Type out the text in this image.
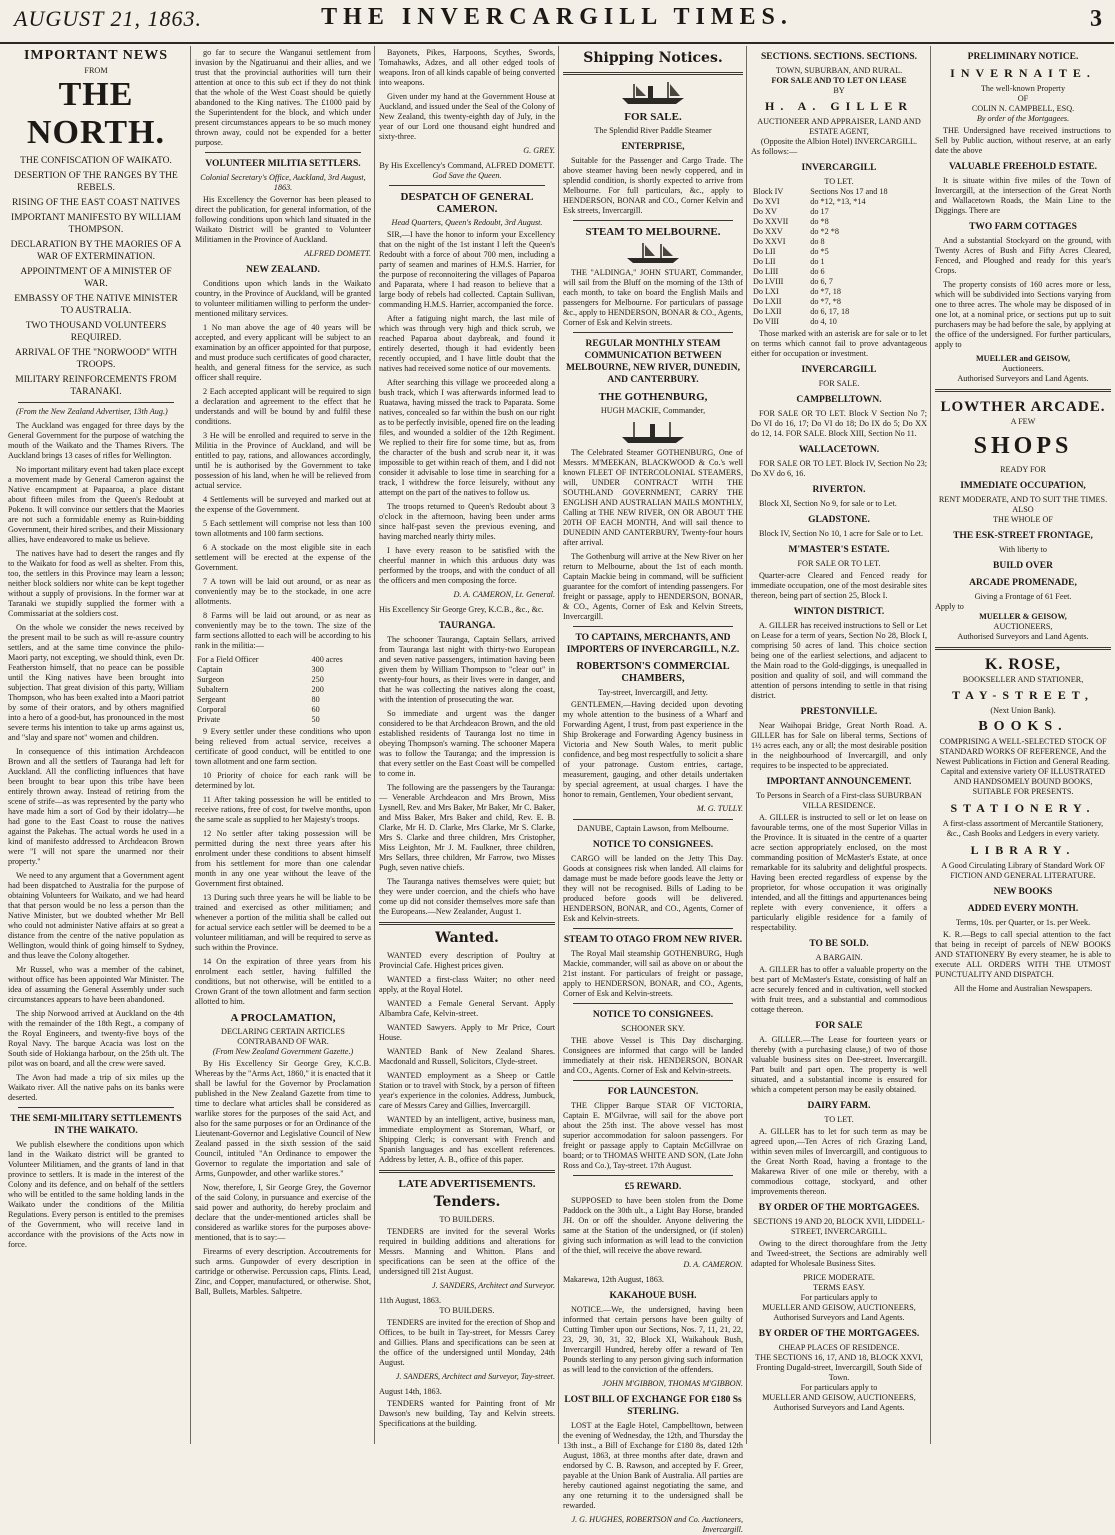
AUGUST 21, 1863.	THE INVERCARGILL TIMES.	3
IMPORTANT NEWS
FROM
THE NORTH.
THE CONFISCATION OF WAIKATO.
DESERTION OF THE RANGES BY THE REBELS.
RISING OF THE EAST COAST NATIVES
IMPORTANT MANIFESTO BY WILLIAM THOMPSON.
DECLARATION BY THE MAORIES OF A WAR OF EXTERMINATION.
APPOINTMENT OF A MINISTER OF WAR.
EMBASSY OF THE NATIVE MINISTER TO AUSTRALIA.
TWO THOUSAND VOLUNTEERS REQUIRED.
ARRIVAL OF THE "NORWOOD" WITH TROOPS.
MILITARY REINFORCEMENTS FROM TARANAKI.

(From the New Zealand Advertiser, 13th Aug.)

The Auckland was engaged for three days by the General Government for the purpose of watching the mouth of the Waikato and the Thames Rivers. The Auckland brings 13 cases of rifles for Wellington.

No important military event had taken place except a movement made by General Cameron against the Native encampment at Papaaroa, a place distant about fifteen miles from the Queen's Redoubt at Pokeno. It will convince our settlers that the Maories are not such a formidable enemy as Ruin-bidding Government, their hired scribes, and their Missionary allies, have endeavored to make us believe.

The natives have had to desert the ranges and fly to the Waikato for food as well as shelter. From this, too, the settlers in this Province may learn a lesson; neither block soldiers nor white can be kept together without a supply of provisions. In the former war at Taranaki we stupidly supplied the former with a Commissariat at the soldiers cost.

On the whole we consider the news received by the present mail to be such as will re-assure country settlers, and at the same time convince the philo-Maori party, not excepting, we should think, even Dr. Featherston himself, that no peace can be possible until the King natives have been brought into subjection. That great division of this party, William Thompson, who has been exalted into a Maori patriot by some of their orators, and by others magnified into a hero of a good-but, has pronounced in the most severe terms his intention to take up arms against us, and "slay and spare not" women and children.

In consequence of this intimation Archdeacon Brown and all the settlers of Tauranga had left for Auckland. All the conflicting influences that have been brought to bear upon this tribe have been entirely thrown away. Instead of retiring from the scene of strife—as was represented by the party who have made him a sort of God by their idolatry—he had gone to the East Coast to rouse the natives against the Pakehas. The actual words he used in a kind of manifesto addressed to Archdeacon Brown were "I will not spare the unarmed nor their property."

We need to any argument that a Government agent had been dispatched to Australia for the purpose of obtaining Volunteers for Waikato, and we had heard that that person would be no less a person than the Native Minister, but we doubted whether Mr Bell who could not administer Native affairs at so great a distance from the centre of the native population as Wellington, would think of going himself to Sydney, and thus leave the Colony altogether.

Mr Russel, who was a member of the cabinet, without office has been appointed War Minister. The idea of assuming the General Assembly under such circumstances appears to have been abandoned.

The ship Norwood arrived at Auckland on the 4th with the remainder of the 18th Regt., a company of the Royal Engineers, and twenty-five boys of the Royal Navy. The barque Acacia was lost on the South side of Hokianga harbour, on the 25th ult. The pilot was on board, and all the crew were saved.

The Avon had made a trip of six miles up the Waikato river. All the native pahs on its banks were deserted.

THE SEMI-MILITARY SETTLEMENTS IN THE WAIKATO.

We publish elsewhere the conditions upon which land in the Waikato district will be granted to Volunteer Militiamen, and the grants of land in that province to settlers. It is made in the interest of the Colony and its defence, and on behalf of the settlers who will be entitled to the same holding lands in the Waikato under the conditions of the Militia Regulations. Every person is entitled to the premises of the Government, who will receive land in accordance with the provisions of the Acts now in force.

go far to secure the Wanganui settlement from invasion by the Ngatiruanui and their allies, and we trust that the provincial authorities will turn their attention at once to this sub ect if they do not think that the whole of the West Coast should be quietly abandoned to the King natives. The £1000 paid by the Superintendent for the block, and which under present circumstances appears to be so much money thrown away, could not be expended for a better purpose.

VOLUNTEER MILITIA SETTLERS.
Colonial Secretary's Office, Auckland, 3rd August, 1863.

His Excellency the Governor has been pleased to direct the publication, for general information, of the following conditions upon which land situated in the Waikato District will be granted to Volunteer Militiamen in the Province of Auckland.

ALFRED DOMETT.
NEW ZEALAND.

Conditions upon which lands in the Waikato country, in the Province of Auckland, will be granted to volunteer militiamen willing to perform the under-mentioned military services.

1 No man above the age of 40 years will be accepted, and every applicant will be subject to an examination by an officer appointed for that purpose, and must produce such certificates of good character, health, and general fitness for the service, as such officer shall require.

2 Each accepted applicant will be required to sign a declaration and agreement to the effect that he understands and will be bound by and fulfil these conditions.

3 He will be enrolled and required to serve in the Militia in the Province of Auckland, and will be entitled to pay, rations, and allowances accordingly, until he is authorised by the Government to take possession of his land, when he will be relieved from actual service.

4 Settlements will be surveyed and marked out at the expense of the Government.

5 Each settlement will comprise not less than 100 town allotments and 100 farm sections.

6 A stockade on the most eligible site in each settlement will be erected at the expense of the Government.

7 A town will be laid out around, or as near as conveniently may be to the stockade, in one acre allotments.

8 Farms will be laid out around, or as near as conveniently may be to the town. The size of the farm sections allotted to each will be according to his rank in the militia:—

For a Field Officer	400 acres
Captain	300
Surgeon	250
Subaltern	200
Sergeant	80
Corporal	60
Private	50

9 Every settler under these conditions who upon being relieved from actual service, receives a certificate of good conduct, will be entitled to one town allotment and one farm section.

10 Priority of choice for each rank will be determined by lot.

11 After taking possession he will be entitled to receive rations, free of cost, for twelve months, upon the same scale as supplied to her Majesty's troops.

12 No settler after taking possession will be permitted during the next three years after his enrolment under these conditions to absent himself from his settlement for more than one calendar month in any one year without the leave of the Government first obtained.

13 During such three years he will be liable to be trained and exercised as other militiamen; and whenever a portion of the militia shall be called out for actual service each settler will be deemed to be a volunteer militiaman, and will be required to serve as such within the Province.

14 On the expiration of three years from his enrolment each settler, having fulfilled the conditions, but not otherwise, will be entitled to a Crown Grant of the town allotment and farm section allotted to him.

A PROCLAMATION,
DECLARING CERTAIN ARTICLES CONTRABAND OF WAR.
(From New Zealand Government Gazette.)

By His Excellency Sir George Grey, K.C.B. Whereas by the "Arms Act, 1860," it is enacted that it shall be lawful for the Governor by Proclamation published in the New Zealand Gazette from time to time to declare what articles shall be considered as warlike stores for the purposes of the said Act, and also for the same purposes or for an Ordinance of the Lieutenant-Governor and Legislative Council of New Zealand passed in the sixth session of the said Council, intituled "An Ordinance to empower the Governor to regulate the importation and sale of Arms, Gunpowder, and other warlike stores."

Now, therefore, I, Sir George Grey, the Governor of the said Colony, in pursuance and exercise of the said power and authority, do hereby proclaim and declare that the under-mentioned articles shall be considered as warlike stores for the purposes above-mentioned, that is to say:—

Firearms of every description. Accoutrements for such arms. Gunpowder of every description in cartridge or otherwise. Percussion caps, Flints. Lead, Zinc, and Copper, manufactured, or otherwise. Shot, Ball, Bullets, Marbles. Saltpetre.

Bayonets, Pikes, Harpoons, Scythes, Swords, Tomahawks, Adzes, and all other edged tools of weapons. Iron of all kinds capable of being converted into weapons.

Given under my hand at the Government House at Auckland, and issued under the Seal of the Colony of New Zealand, this twenty-eighth day of July, in the year of our Lord one thousand eight hundred and sixty-three.

G. GREY.
By His Excellency's Command, ALFRED DOMETT.
God Save the Queen.
DESPATCH OF GENERAL CAMERON.
Head Quarters, Queen's Redoubt, 3rd August.

SIR,—I have the honor to inform your Excellency that on the night of the 1st instant I left the Queen's Redoubt with a force of about 700 men, including a party of seamen and marines of H.M.S. Harrier, for the purpose of reconnoitering the villages of Paparoa and Paparata, where I had reason to believe that a large body of rebels had collected. Captain Sullivan, commanding H.M.S. Harrier, accompanied the force.

After a fatiguing night march, the last mile of which was through very high and thick scrub, we reached Paparoa about daybreak, and found it entirely deserted, though it had evidently been recently occupied, and I have little doubt that the natives had received some notice of our movements.

After searching this village we proceeded along a bush track, which I was afterwards informed lead to Ruatawa, having missed the track to Paparata. Some natives, concealed so far within the bush on our right as to be perfectly invisible, opened fire on the leading files, and wounded a soldier of the 12th Regiment. We replied to their fire for some time, but as, from the character of the bush and scrub near it, it was impossible to get within reach of them, and I did not consider it advisable to lose time in searching for a track, I withdrew the force leisurely, without any attempt on the part of the natives to follow us.

The troops returned to Queen's Redoubt about 3 o'clock in the afternoon, having been under arms since half-past seven the previous evening, and having marched nearly thirty miles.

I have every reason to be satisfied with the cheerful manner in which this arduous duty was performed by the troops, and with the conduct of all the officers and men composing the force.

D. A. CAMERON, Lt. General.
His Excellency Sir George Grey, K.C.B., &c., &c.
TAURANGA.

The schooner Tauranga, Captain Sellars, arrived from Tauranga last night with thirty-two European and seven native passengers, intimation having been given them by William Thompson to "clear out" in twenty-four hours, as their lives were in danger, and that he was collecting the natives along the coast, with the intention of prosecuting the war.

So immediate and urgent was the danger considered to be that Archdeacon Brown, and the old established residents of Tauranga lost no time in obeying Thompson's warning. The schooner Mapera was to follow the Tauranga; and the impression is that every settler on the East Coast will be compelled to come in.

The following are the passengers by the Tauranga:— Venerable Archdeacon and Mrs Brown, Miss Lysnell, Rev. and Mrs Baker, Mr Baker, Mr C. Baker, and Miss Baker, Mrs Baker and child, Rev. E. B. Clarke, Mr H. D. Clarke, Mrs Clarke, Mr S. Clarke, Mrs S. Clarke and three children, Mrs Cristopher, Miss Leighton, Mr J. M. Faulkner, three children, Mrs Sellars, three children, Mr Farrow, two Misses Pugh, seven native chiefs.

The Tauranga natives themselves were quiet; but they were under coercion, and the chiefs who have come up did not consider themselves more safe than the Europeans.—New Zealander, August 1.

Wanted.

WANTED every description of Poultry at Provincial Cafe. Highest prices given.

WANTED a first-class Waiter; no other need apply, at the Royal Hotel.

WANTED a Female General Servant. Apply Albambra Cafe, Kelvin-street.

WANTED Sawyers. Apply to Mr Price, Court House.

WANTED Bank of New Zealand Shares. Macdonald and Russell, Solicitors, Clyde-street.

WANTED employment as a Sheep or Cattle Station or to travel with Stock, by a person of fifteen year's experience in the colonies. Address, Jumbuck, care of Messrs Carey and Gillies, Invercargill.

WANTED by an intelligent, active, business man, immediate employment as Storeman, Wharf, or Shipping Clerk; is conversant with French and Spanish languages and has excellent references. Address by letter, A. B., office of this paper.

LATE ADVERTISEMENTS.
Tenders.
TO BUILDERS.

TENDERS are invited for the several Works required in building additions and alterations for Messrs. Manning and Whitton. Plans and specifications can be seen at the office of the undersigned till 21st August.

J. SANDERS, Architect and Surveyor.
11th August, 1863.
TO BUILDERS.

TENDERS are invited for the erection of Shop and Offices, to be built in Tay-street, for Messrs Carey and Gillies. Plans and specifications can be seen at the office of the undersigned until Monday, 24th August.

J. SANDERS, Architect and Surveyor, Tay-street.
August 14th, 1863.

TENDERS wanted for Painting front of Mr Dawson's new building, Tay and Kelvin streets. Specifications at the building.

Shipping Notices.
FOR SALE.
The Splendid River Paddle Steamer
ENTERPRISE,

Suitable for the Passenger and Cargo Trade. The above steamer having been newly coppered, and in splendid condition, is shortly expected to arrive from Melbourne. For full particulars, &c., apply to HENDERSON, BONAR and CO., Corner Kelvin and Esk streets, Invercargill.

STEAM TO MELBOURNE.

THE "ALDINGA," JOHN STUART, Commander, will sail from the Bluff on the morning of the 13th of each month, to take on board the English Mails and passengers for Melbourne. For particulars of passage &c., apply to HENDERSON, BONAR & CO., Agents, Corner of Esk and Kelvin streets.

REGULAR MONTHLY STEAM COMMUNICATION BETWEEN MELBOURNE, NEW RIVER, DUNEDIN, AND CANTERBURY.
THE GOTHENBURG,
HUGH MACKIE, Commander,

The Celebrated Steamer GOTHENBURG, One of Messrs. M'MEEKAN, BLACKWOOD & Co.'s well known FLEET OF INTERCOLONIAL STEAMERS, will, UNDER CONTRACT WITH THE SOUTHLAND GOVERNMENT, CARRY THE ENGLISH AND AUSTRALIAN MAILS MONTHLY, Calling at THE NEW RIVER, ON OR ABOUT THE 20TH OF EACH MONTH, And will sail thence to DUNEDIN AND CANTERBURY, Twenty-four hours after arrival.

The Gothenburg will arrive at the New River on her return to Melbourne, about the 1st of each month. Captain Mackie being in command, will be sufficient guarantee for the comfort of intending passengers. For freight or passage, apply to HENDERSON, BONAR, & CO., Agents, Corner of Esk and Kelvin Streets, Invercargill.

TO CAPTAINS, MERCHANTS, AND IMPORTERS OF INVERCARGILL, N.Z.
ROBERTSON'S COMMERCIAL CHAMBERS,
Tay-street, Invercargill, and Jetty.

GENTLEMEN,—Having decided upon devoting my whole attention to the business of a Wharf and Forwarding Agent, I trust, from past experience in the Ship Brokerage and Forwarding Agency business in Victoria and New South Wales, to merit public confidence, and beg most respectfully to solicit a share of your patronage. Custom entries, cartage, measurement, gauging, and other details undertaken by special agreement, at usual charges. I have the honor to remain, Gentlemen, Your obedient servant,

M. G. TULLY.
DANUBE, Captain Lawson, from Melbourne.
NOTICE TO CONSIGNEES.

CARGO will be landed on the Jetty This Day. Goods at consignees risk when landed. All claims for damage must be made before goods leave the Jetty or they will not be recognised. Bills of Lading to be produced before goods will be delivered. HENDERSON, BONAR, and CO., Agents, Corner of Esk and Kelvin-streets.

STEAM TO OTAGO FROM NEW RIVER.

The Royal Mail steamship GOTHENBURG, Hugh Mackie, commander, will sail as above on or about the 21st instant. For particulars of freight or passage, apply to HENDERSON, BONAR, and CO., Agents, Corner of Esk and Kelvin-streets.

NOTICE TO CONSIGNEES.
SCHOONER SKY.

THE above Vessel is This Day discharging. Consignees are informed that cargo will be landed immediately at their risk. HENDERSON, BONAR and CO., Agents. Corner of Esk and Kelvin-streets.

FOR LAUNCESTON.

THE Clipper Barque STAR OF VICTORIA, Captain E. M'Gilvrae, will sail for the above port about the 25th inst. The above vessel has most superior accommodation for saloon passengers. For freight or passage apply to Captain McGillvrae on board; or to THOMAS WHITE AND SON, (Late John Ross and Co.), Tay-street. 17th August.

£5 REWARD.

SUPPOSED to have been stolen from the Dome Paddock on the 30th ult., a Light Bay Horse, branded JH. On or off the shoulder. Anyone delivering the same at the Station of the undersigned, or (if stolen) giving such information as will lead to the conviction of the thief, will receive the above reward.

D. A. CAMERON.
Makarewa, 12th August, 1863.
KAKAHOUE BUSH.

NOTICE.—We, the undersigned, having been informed that certain persons have been guilty of Cutting Timber upon our Sections, Nos. 7, 11, 21, 22, 23, 29, 30, 31, 32, Block XI, Waikahouk Bush, Invercargill Hundred, hereby offer a reward of Ten Pounds sterling to any person giving such information as will lead to the conviction of the offenders.

JOHN M'GIBBON, THOMAS M'GIBBON.
LOST BILL OF EXCHANGE FOR £180 Ss STERLING.

LOST at the Eagle Hotel, Campbelltown, between the evening of Wednesday, the 12th, and Thursday the 13th inst., a Bill of Exchange for £180 8s, dated 12th August, 1863, at three months after date, drawn and endorsed by C. B. Rawson, and accepted by F. Greer, payable at the Union Bank of Australia. All parties are hereby cautioned against negotiating the same, and any one returning it to the undersigned shall be rewarded.

J. G. HUGHES, ROBERTSON and Co. Auctioneers, Invercargill.
SECTIONS. SECTIONS. SECTIONS.
TOWN, SUBURBAN, AND RURAL.
FOR SALE AND TO LET ON LEASE
BY
H. A. GILLER
AUCTIONEER AND APPRAISER, LAND AND ESTATE AGENT,
(Opposite the Albion Hotel) INVERCARGILL.
As follows:—
INVERCARGILL
TO LET.
Block IV	Sections Nos 17 and 18
Do XVI	do *12, *13, *14
Do XV	do 17
Do XXVII	do *8
Do XXV	do *2 *8
Do XXVI	do 8
Do LII	do *5
Do LII	do 1
Do LIII	do 6
Do LVIII	do 6, 7
Do LXI	do *7, 18
Do LXII	do *7, *8
Do LXII	do 6, 17, 18
Do VIII	do 4, 10

Those marked with an asterisk are for sale or to let on terms which cannot fail to prove advantageous either for occupation or investment.

INVERCARGILL
FOR SALE.
CAMPBELLTOWN.

FOR SALE OR TO LET. Block V Section No 7; Do VI do 16, 17; Do VI do 18; Do IX do 5; Do XX do 12, 14. FOR SALE. Block XIII, Section No 11.

WALLACETOWN.

FOR SALE OR TO LET. Block IV, Section No 23; Do XV do 6, 16.

RIVERTON.

Block XI, Section No 9, for sale or to Let.

GLADSTONE.

Block IV, Section No 10, 1 acre for Sale or to Let.

M'MASTER'S ESTATE.
FOR SALE OR TO LET.

Quarter-acre Cleared and Fenced ready for immediate occupation, one of the most desirable sites thereon, being part of section 25, Block I.

WINTON DISTRICT.

A. GILLER has received instructions to Sell or Let on Lease for a term of years, Section No 28, Block I, comprising 50 acres of land. This choice section being one of the earliest selections, and adjacent to the Main road to the Gold-diggings, is unequalled in position and quality of soil, and will command the attention of persons intending to settle in that rising district.

PRESTONVILLE.

Near Waihopai Bridge, Great North Road. A. GILLER has for Sale on liberal terms, Sections of 1½ acres each, any or all; the most desirable position in the neighbourhood of Invercargill, and only requires to be inspected to be appreciated.

IMPORTANT ANNOUNCEMENT.
To Persons in Search of a First-class SUBURBAN VILLA RESIDENCE.

A. GILLER is instructed to sell or let on lease on favourable terms, one of the most Superior Villas in the Province. It is situated in the centre of a quarter acre section appropriately enclosed, on the most commanding position of McMaster's Estate, at once remarkable for its salubrity and delightful prospects. Having been erected regardless of expense by the proprietor, for whose occupation it was originally intended, and all the fittings and appurtenances being replete with every convenience, it offers a particularly eligible residence for a family of respectability.

TO BE SOLD.
A BARGAIN.

A. GILLER has to offer a valuable property on the best part of McMaster's Estate, consisting of half an acre securely fenced and in cultivation, well stocked with fruit trees, and a substantial and commodious cottage thereon.

FOR SALE

A. GILLER.—The Lease for fourteen years or thereby (with a purchasing clause,) of two of those valuable business sites on Dee-street. Invercargill. Part built and part open. The property is well situated, and a substantial income is ensured for which a competent person may be easily obtained.

DAIRY FARM.
TO LET.

A. GILLER has to let for such term as may be agreed upon,—Ten Acres of rich Grazing Land, within seven miles of Invercargill, and contiguous to the Great North Road, having a frontage to the Makarewa River of one mile or thereby, with a commodious cottage, stockyard, and other improvements thereon.

BY ORDER OF THE MORTGAGEES.
SECTIONS 19 AND 20, BLOCK XVII, LIDDELL-STREET, INVERCARGILL.

Owing to the direct thoroughfare from the Jetty and Tweed-street, the Sections are admirably well adapted for Wholesale Business Sites.

PRICE MODERATE.
TERMS EASY.
For particulars apply to
MUELLER AND GEISOW, AUCTIONEERS, Authorised Surveyors and Land Agents.
BY ORDER OF THE MORTGAGEES.
CHEAP PLACES OF RESIDENCE.
THE SECTIONS 16, 17, AND 18, BLOCK XXVI, Fronting Dugald-street, Invercargill, South Side of Town.
For particulars apply to
MUELLER AND GEISOW, AUCTIONEERS, Authorised Surveyors and Land Agents.
PRELIMINARY NOTICE.
INVERNAITE.
The well-known Property
OF
COLIN N. CAMPBELL, ESQ.
By order of the Mortgagees.

THE Undersigned have received instructions to Sell by Public auction, without reserve, at an early date the above

VALUABLE FREEHOLD ESTATE.

It is situate within five miles of the Town of Invercargill, at the intersection of the Great North and Wallacetown Roads, the Main Line to the Diggings. There are

TWO FARM COTTAGES

And a substantial Stockyard on the ground, with Twenty Acres of Bush and Fifty Acres Cleared, Fenced, and Ploughed and ready for this year's Crops.

The property consists of 160 acres more or less, which will be subdivided into Sections varying from one to three acres. The whole may be disposed of in one lot, at a nominal price, or sections put up to suit purchasers may be had before the sale, by applying at the office of the undersigned. For further particulars, apply to

MUELLER and GEISOW,
Auctioneers.
Authorised Surveyors and Land Agents.
LOWTHER ARCADE.
A FEW
SHOPS
READY FOR
IMMEDIATE OCCUPATION,
RENT MODERATE, AND TO SUIT THE TIMES.
ALSO
THE WHOLE OF
THE ESK-STREET FRONTAGE,
With liberty to
BUILD OVER
ARCADE PROMENADE,
Giving a Frontage of 61 Feet.
Apply to
MUELLER & GEISOW,
AUCTIONEERS,
Authorised Surveyors and Land Agents.
K. ROSE,
BOOKSELLER AND STATIONER,
TAY-STREET,
(Next Union Bank).
BOOKS.

COMPRISING A WELL-SELECTED STOCK OF STANDARD WORKS OF REFERENCE, And the Newest Publications in Fiction and General Reading. Capital and extensive variety OF ILLUSTRATED AND HANDSOMELY BOUND BOOKS, SUITABLE FOR PRESENTS.

STATIONERY.

A first-class assortment of Mercantile Stationery, &c., Cash Books and Ledgers in every variety.

LIBRARY.

A Good Circulating Library of Standard Work OF FICTION AND GENERAL LITERATURE.

NEW BOOKS
ADDED EVERY MONTH.
Terms, 10s. per Quarter, or 1s. per Week.

K. R.—Begs to call special attention to the fact that being in receipt of parcels of NEW BOOKS AND STATIONERY By every steamer, he is able to execute ALL ORDERS WITH THE UTMOST PUNCTUALITY AND DISPATCH.

All the Home and Australian Newspapers.
